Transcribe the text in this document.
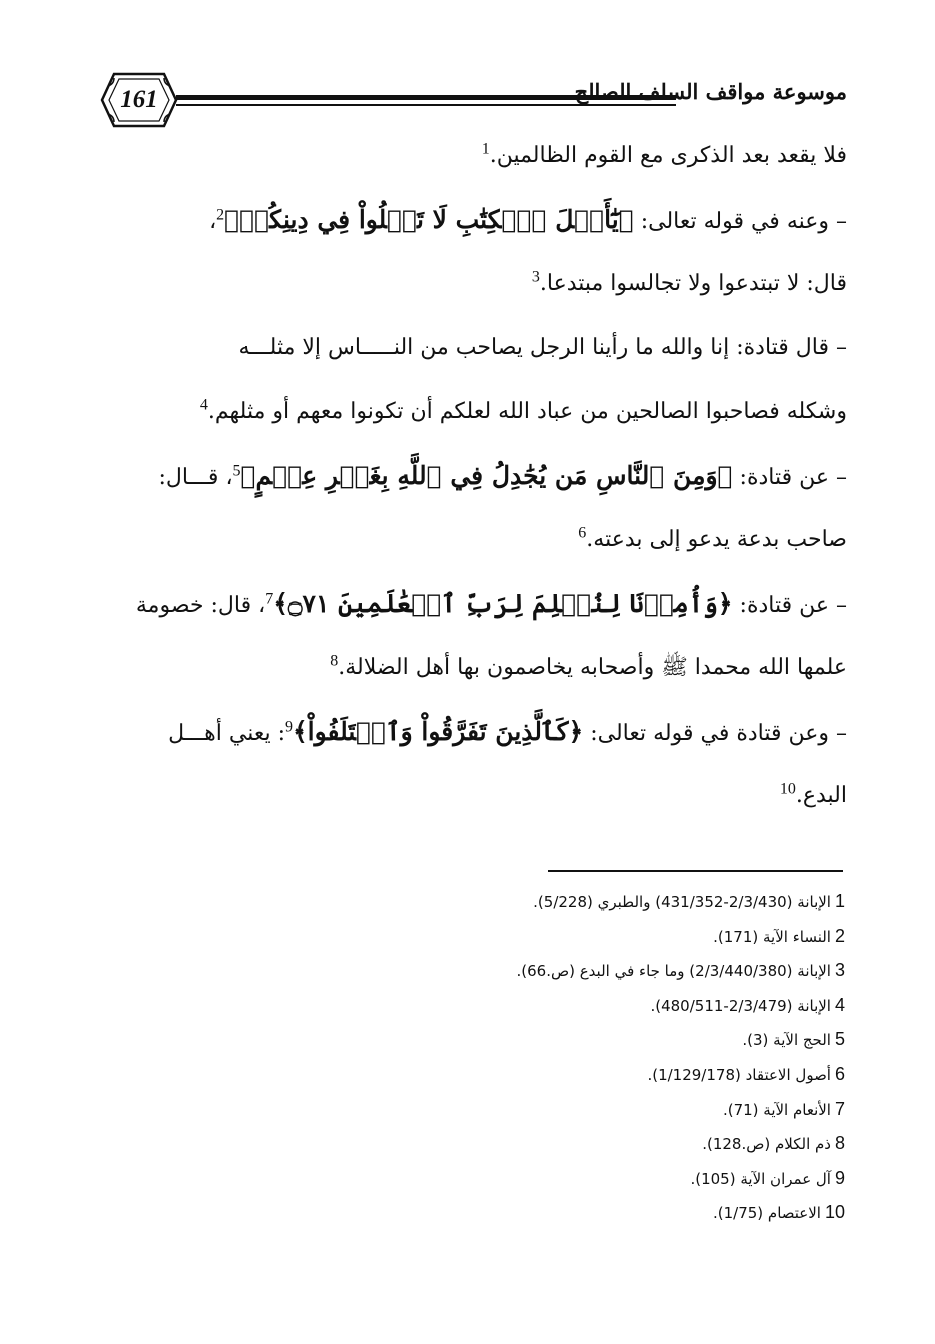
161	موسوعة مواقف السلف الصالح
فلا يقعد بعد الذكرى مع القوم الظالمين.$^1$
– وعنه في قوله تعالى: ﴿يَٰٓأَهۡلَ ٱلۡكِتَٰبِ لَا تَغۡلُواْ فِي دِينِكُمۡ﴾$^2$،
قال: لا تبتدعوا ولا تجالسوا مبتدعا.$^3$
– قال قتادة: إنا والله ما رأينا الرجل يصاحب من النـــــاس إلا مثلـــه
وشكله فصاحبوا الصالحين من عباد الله لعلكم أن تكونوا معهم أو مثلهم.$^4$
– عن قتادة: ﴿وَمِنَ ٱلنَّاسِ مَن يُجَٰدِلُ فِي ٱللَّهِ بِغَيۡرِ عِلۡمٍ﴾$^5$، قـــال:
صاحب بدعة يدعو إلى بدعته.$^6$
– عن قتادة: ﴿وَأُمِرۡنَا لِنُسۡلِمَ لِرَبِّ ٱلۡعَٰلَمِينَ ۝٧١﴾$^7$، قال: خصومة
علمها الله محمدا ﷺ وأصحابه يخاصمون بها أهل الضلالة.$^8$
– وعن قتادة في قوله تعالى: ﴿كَٱلَّذِينَ تَفَرَّقُواْ وَٱخۡتَلَفُواْ﴾$^9$: يعني أهـــل
البدع.$^{10}$
1الإبانة (2/3/430-431/352) والطبري (5/228).
2النساء الآية (171).
3الإبانة (2/3/440/380) وما جاء في البدع (ص.66).
4الإبانة (2/3/479-480/511).
5الحج الآية (3).
6أصول الاعتقاد (1/129/178).
7الأنعام الآية (71).
8ذم الكلام (ص.128).
9آل عمران الآية (105).
10الاعتصام (1/75).
